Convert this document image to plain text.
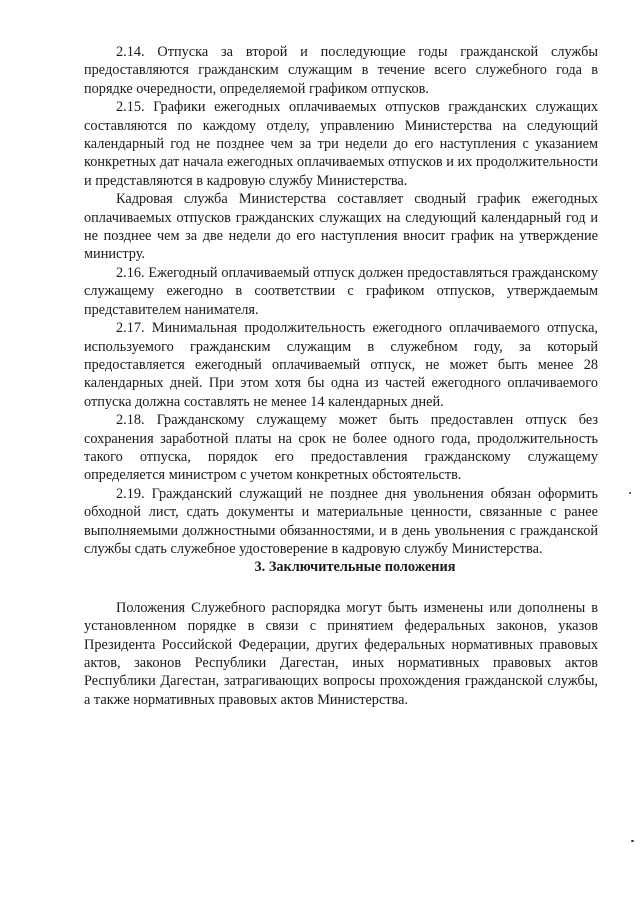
2.14. Отпуска за второй и последующие годы гражданской службы предоставляются гражданским служащим в течение всего служебного года в порядке очередности, определяемой графиком отпусков.

2.15. Графики ежегодных оплачиваемых отпусков гражданских служащих составляются по каждому отделу, управлению Министерства на следующий календарный год не позднее чем за три недели до его наступления с указанием конкретных дат начала ежегодных оплачиваемых отпусков и их продолжительности и представляются в кадровую службу Министерства.

Кадровая служба Министерства составляет сводный график ежегодных оплачиваемых отпусков гражданских служащих на следующий календарный год и не позднее чем за две недели до его наступления вносит график на утверждение министру.

2.16. Ежегодный оплачиваемый отпуск должен предоставляться гражданскому служащему ежегодно в соответствии с графиком отпусков, утверждаемым представителем нанимателя.

2.17. Минимальная продолжительность ежегодного оплачиваемого отпуска, используемого гражданским служащим в служебном году, за который предоставляется ежегодный оплачиваемый отпуск, не может быть менее 28 календарных дней. При этом хотя бы одна из частей ежегодного оплачиваемого отпуска должна составлять не менее 14 календарных дней.

2.18. Гражданскому служащему может быть предоставлен отпуск без сохранения заработной платы на срок не более одного года, продолжительность такого отпуска, порядок его предоставления гражданскому служащему определяется министром с учетом конкретных обстоятельств.

2.19. Гражданский служащий не позднее дня увольнения обязан оформить обходной лист, сдать документы и материальные ценности, связанные с ранее выполняемыми должностными обязанностями, и в день увольнения с гражданской службы сдать служебное удостоверение в кадровую службу Министерства.

3. Заключительные положения

Положения Служебного распорядка могут быть изменены или дополнены в установленном порядке в связи с принятием федеральных законов, указов Президента Российской Федерации, других федеральных нормативных правовых актов, законов Республики Дагестан, иных нормативных правовых актов Республики Дагестан, затрагивающих вопросы прохождения гражданской службы, а также нормативных правовых актов Министерства.
